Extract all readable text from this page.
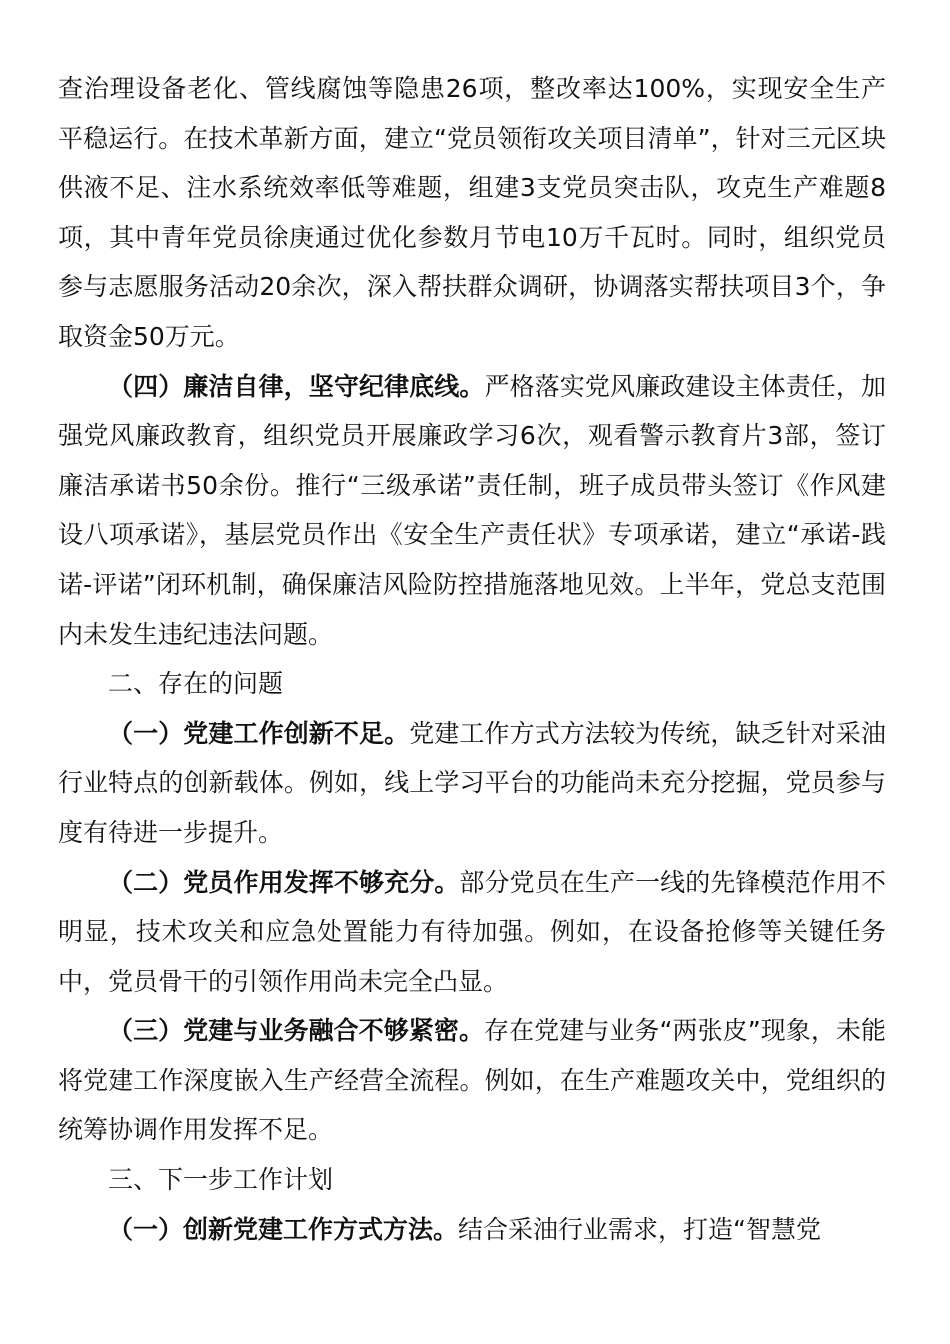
查治理设备老化、管线腐蚀等隐患26项，整改率达100%，实现安全生产平稳运行。在技术革新方面，建立“党员领衔攻关项目清单”，针对三元区块供液不足、注水系统效率低等难题，组建3支党员突击队，攻克生产难题8项，其中青年党员徐庚通过优化参数月节电10万千瓦时。同时，组织党员参与志愿服务活动20余次，深入帮扶群众调研，协调落实帮扶项目3个，争取资金50万元。

（四）廉洁自律，坚守纪律底线。严格落实党风廉政建设主体责任，加强党风廉政教育，组织党员开展廉政学习6次，观看警示教育片3部，签订廉洁承诺书50余份。推行“三级承诺”责任制，班子成员带头签订《作风建设八项承诺》，基层党员作出《安全生产责任状》专项承诺，建立“承诺-践诺-评诺”闭环机制，确保廉洁风险防控措施落地见效。上半年，党总支范围内未发生违纪违法问题。

二、存在的问题

（一）党建工作创新不足。党建工作方式方法较为传统，缺乏针对采油行业特点的创新载体。例如，线上学习平台的功能尚未充分挖掘，党员参与度有待进一步提升。

（二）党员作用发挥不够充分。部分党员在生产一线的先锋模范作用不明显，技术攻关和应急处置能力有待加强。例如，在设备抢修等关键任务中，党员骨干的引领作用尚未完全凸显。

（三）党建与业务融合不够紧密。存在党建与业务“两张皮”现象，未能将党建工作深度嵌入生产经营全流程。例如，在生产难题攻关中，党组织的统筹协调作用发挥不足。

三、下一步工作计划

（一）创新党建工作方式方法。结合采油行业需求，打造“智慧党
